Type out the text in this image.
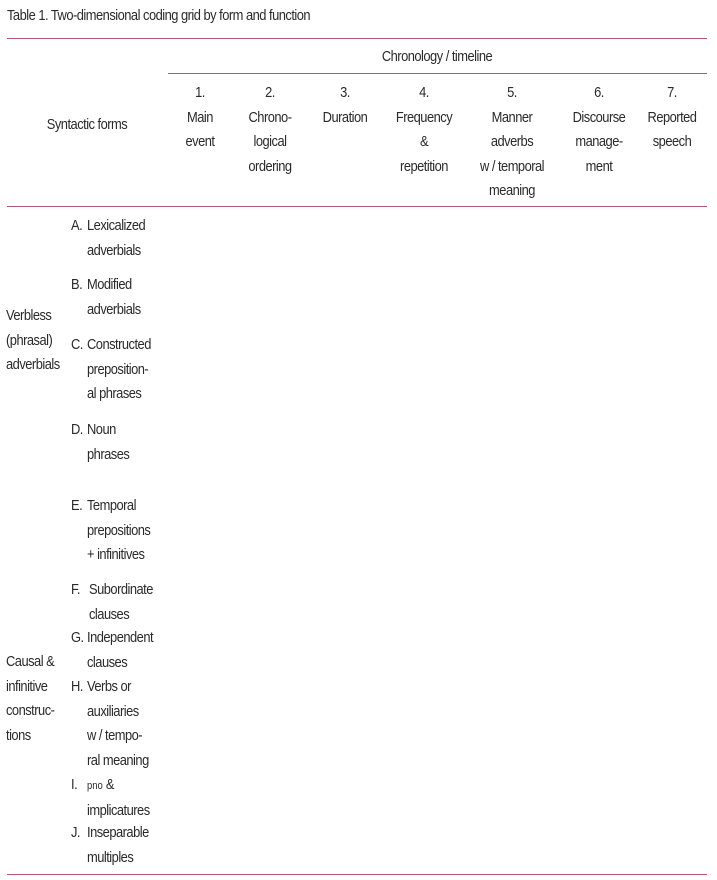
Table 1. Two-dimensional coding grid by form and function
Chronology / timeline
Syntactic forms
1.
Main
event
2.
Chrono-
logical
ordering
3.
Duration
4.
Frequency
&
repetition
5.
Manner
adverbs
w / temporal
meaning
6.
Discourse
manage-
ment
7.
Reported
speech
Verbless
(phrasal)
adverbials
Causal &
infinitive
construc-
tions
A.
B.
C.
D.
E.
F.
G.
H.
I.
J.
Lexicalized
adverbials
Modified
adverbials
Constructed
preposition-
al phrases
Noun
phrases
Temporal
prepositions
+ infinitives
Subordinate
clauses
Independent
clauses
Verbs or
auxiliaries
w / tempo-
ral meaning
pno &
implicatures
Inseparable
multiples
